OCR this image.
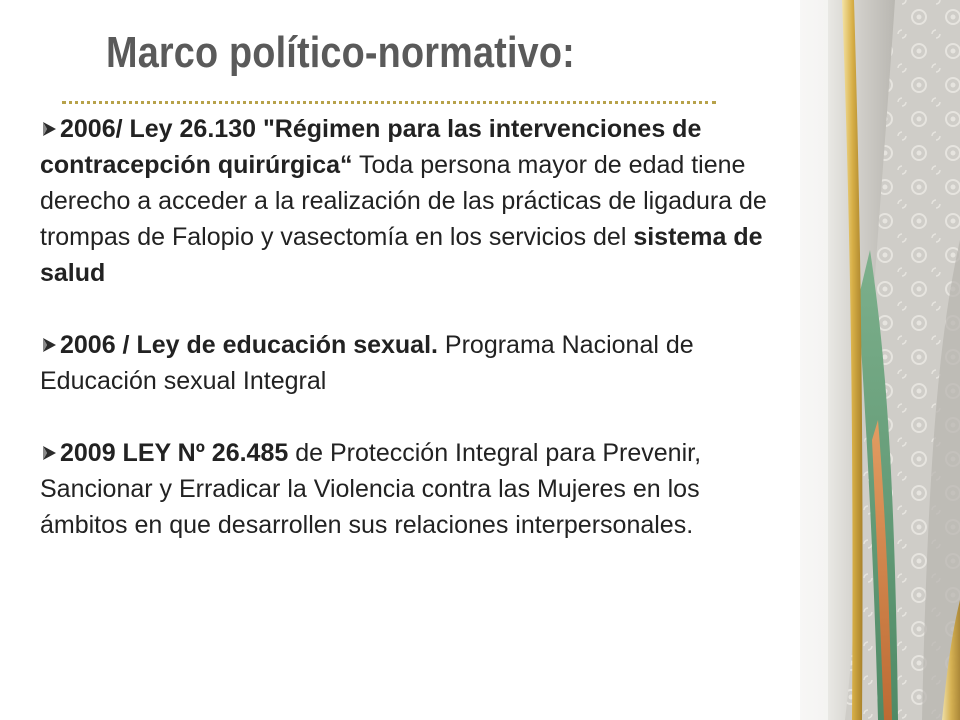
Marco político-normativo:
2006/ Ley 26.130 "Régimen para las intervenciones de contracepción quirúrgica“ Toda persona mayor de edad tiene derecho a acceder a la realización de las prácticas de ligadura de trompas de Falopio y vasectomía en los servicios del sistema de salud
2006 / Ley de educación sexual. Programa Nacional de Educación sexual Integral
2009 LEY Nº 26.485 de Protección Integral para Prevenir, Sancionar y Erradicar la Violencia contra las Mujeres en los ámbitos en que desarrollen sus relaciones interpersonales.
